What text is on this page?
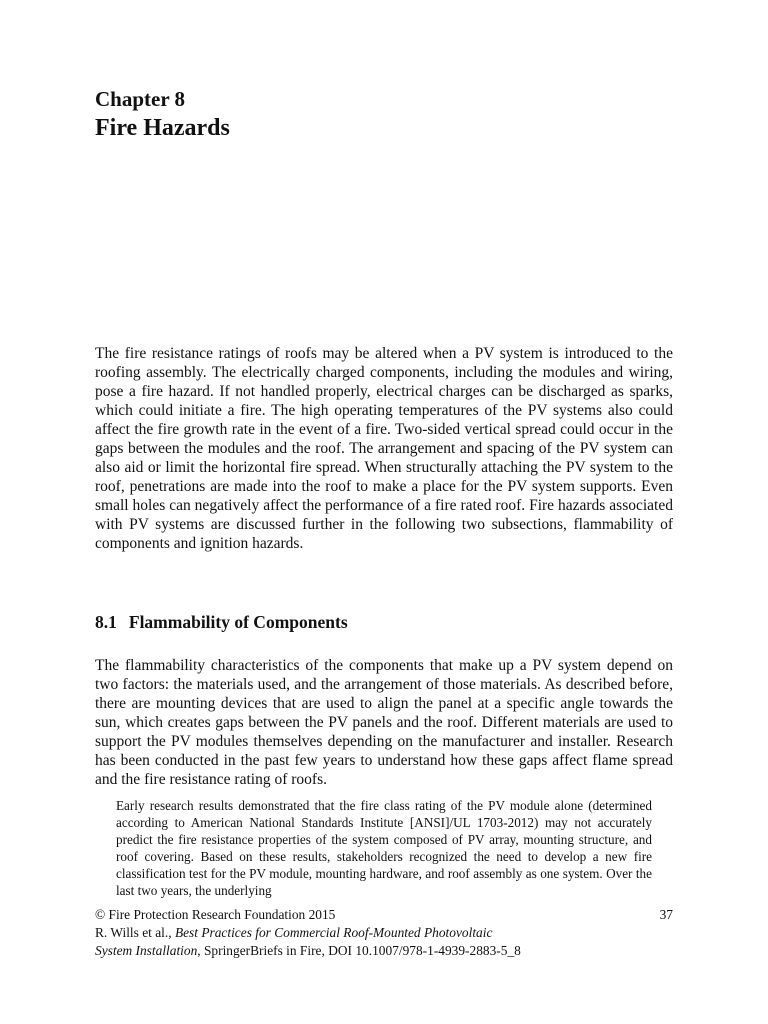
Chapter 8
Fire Hazards

The fire resistance ratings of roofs may be altered when a PV system is introduced to the roofing assembly. The electrically charged components, including the modules and wiring, pose a fire hazard. If not handled properly, electrical charges can be discharged as sparks, which could initiate a fire. The high operating temperatures of the PV systems also could affect the fire growth rate in the event of a fire. Two-sided vertical spread could occur in the gaps between the modules and the roof. The arrangement and spacing of the PV system can also aid or limit the horizontal fire spread. When structurally attaching the PV system to the roof, penetrations are made into the roof to make a place for the PV system supports. Even small holes can negatively affect the performance of a fire rated roof. Fire hazards associated with PV systems are discussed further in the following two subsections, flammability of components and ignition hazards.

8.1 Flammability of Components

The flammability characteristics of the components that make up a PV system depend on two factors: the materials used, and the arrangement of those materials. As described before, there are mounting devices that are used to align the panel at a specific angle towards the sun, which creates gaps between the PV panels and the roof. Different materials are used to support the PV modules themselves depending on the manufacturer and installer. Research has been conducted in the past few years to understand how these gaps affect flame spread and the fire resistance rating of roofs.

Early research results demonstrated that the fire class rating of the PV module alone (determined according to American National Standards Institute [ANSI]/UL 1703-2012) may not accurately predict the fire resistance properties of the system composed of PV array, mounting structure, and roof covering. Based on these results, stakeholders recognized the need to develop a new fire classification test for the PV module, mounting hardware, and roof assembly as one system. Over the last two years, the underlying

© Fire Protection Research Foundation 2015	37
R. Wills et al., Best Practices for Commercial Roof-Mounted Photovoltaic
System Installation, SpringerBriefs in Fire, DOI 10.1007/978-1-4939-2883-5_8
